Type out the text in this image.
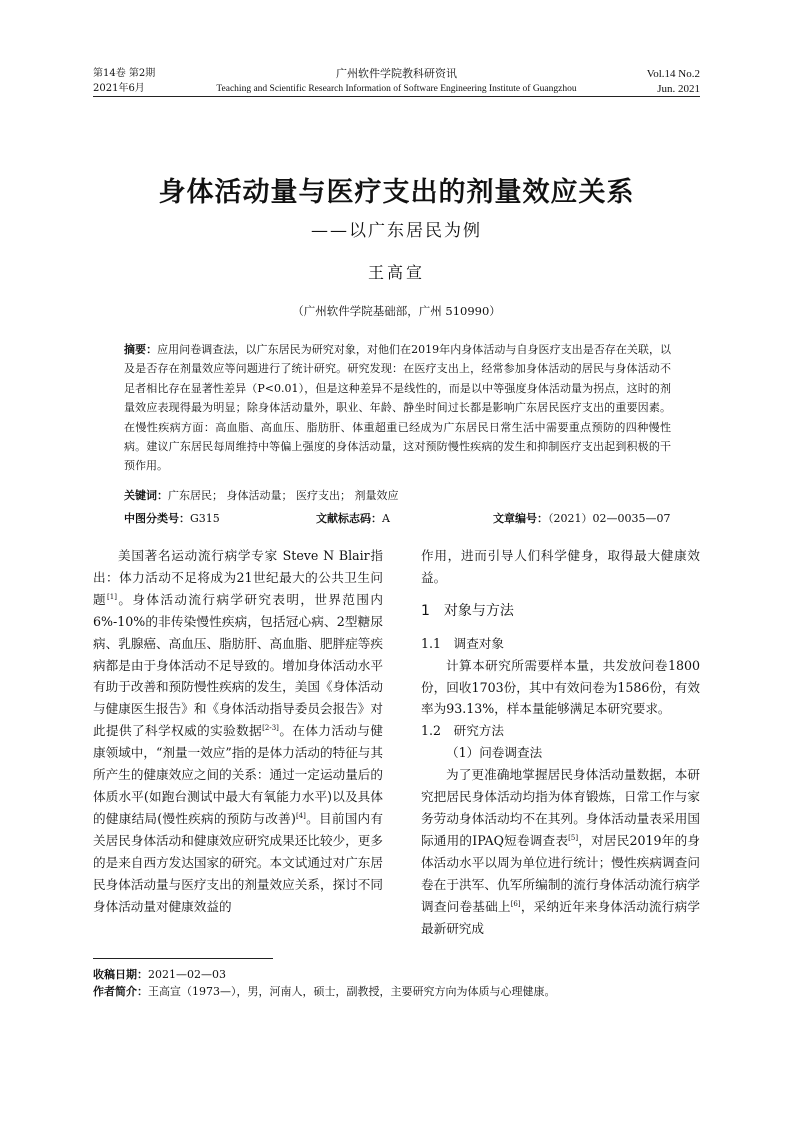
第14卷 第2期
2021年6月
广州软件学院教科研资讯
Teaching and Scientific Research Information of Software Engineering Institute of Guangzhou
Vol.14 No.2
Jun. 2021
身体活动量与医疗支出的剂量效应关系
——以广东居民为例
王高宣
（广州软件学院基础部，广州 510990）
摘要：应用问卷调查法，以广东居民为研究对象，对他们在2019年内身体活动与自身医疗支出是否存在关联，以及是否存在剂量效应等问题进行了统计研究。研究发现：在医疗支出上，经常参加身体活动的居民与身体活动不足者相比存在显著性差异（P<0.01），但是这种差异不是线性的，而是以中等强度身体活动量为拐点，这时的剂量效应表现得最为明显；除身体活动量外，职业、年龄、静坐时间过长都是影响广东居民医疗支出的重要因素。在慢性疾病方面：高血脂、高血压、脂肪肝、体重超重已经成为广东居民日常生活中需要重点预防的四种慢性病。建议广东居民每周维持中等偏上强度的身体活动量，这对预防慢性疾病的发生和抑制医疗支出起到积极的干预作用。
关键词：广东居民； 身体活动量； 医疗支出； 剂量效应
中图分类号：G315	文献标志码：A	文章编号：（2021）02—0035—07

美国著名运动流行病学专家 Steve N Blair指出：体力活动不足将成为21世纪最大的公共卫生问题[1]。身体活动流行病学研究表明，世界范围内6%-10%的非传染慢性疾病，包括冠心病、2型糖尿病、乳腺癌、高血压、脂肪肝、高血脂、肥胖症等疾病都是由于身体活动不足导致的。增加身体活动水平有助于改善和预防慢性疾病的发生，美国《身体活动与健康医生报告》和《身体活动指导委员会报告》对此提供了科学权威的实验数据[2-3]。在体力活动与健康领域中，“剂量一效应”指的是体力活动的特征与其所产生的健康效应之间的关系：通过一定运动量后的体质水平(如跑台测试中最大有氧能力水平)以及具体的健康结局(慢性疾病的预防与改善)[4]。目前国内有关居民身体活动和健康效应研究成果还比较少，更多的是来自西方发达国家的研究。本文试通过对广东居民身体活动量与医疗支出的剂量效应关系，探讨不同身体活动量对健康效益的

作用，进而引导人们科学健身，取得最大健康效益。

1　对象与方法

1.1　调查对象

计算本研究所需要样本量，共发放问卷1800份，回收1703份，其中有效问卷为1586份，有效率为93.13%，样本量能够满足本研究要求。

1.2　研究方法

（1）问卷调查法

为了更准确地掌握居民身体活动量数据，本研究把居民身体活动均指为体育锻炼，日常工作与家务劳动身体活动均不在其列。身体活动量表采用国际通用的IPAQ短卷调查表[5]，对居民2019年的身体活动水平以周为单位进行统计；慢性疾病调查问卷在于洪军、仇军所编制的流行身体活动流行病学调查问卷基础上[6]，采纳近年来身体活动流行病学最新研究成

收稿日期：2021—02—03
作者简介：王高宣（1973—），男，河南人，硕士，副教授，主要研究方向为体质与心理健康。
